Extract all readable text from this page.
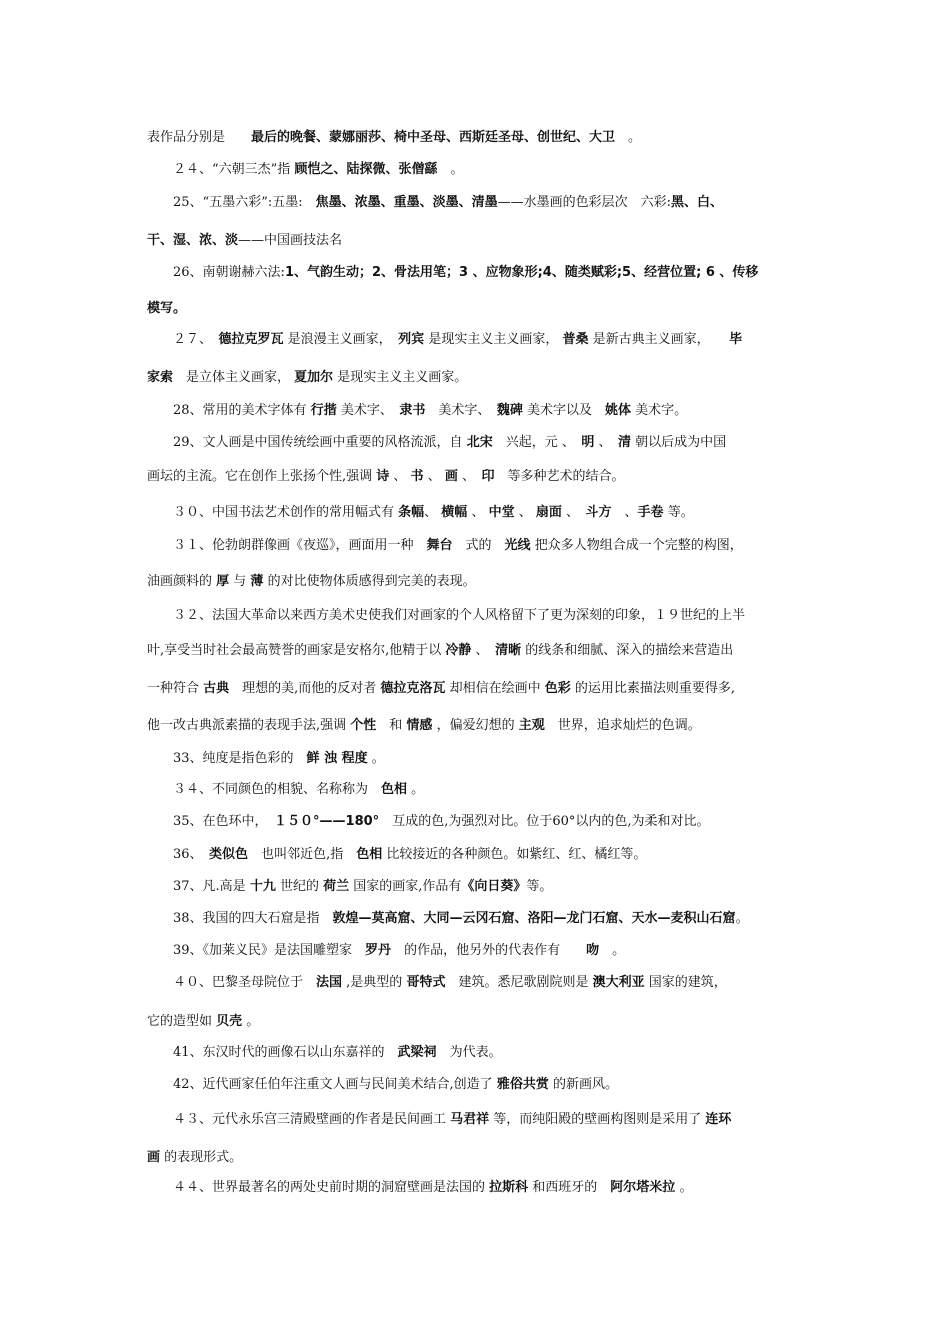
表作品分别是　　最后的晚餐、蒙娜丽莎、椅中圣母、西斯廷圣母、创世纪、大卫　。
２４、“六朝三杰”指 顾恺之、陆探微、张僧繇　。
25、“五墨六彩”:五墨:　焦墨、浓墨、重墨、淡墨、清墨——水墨画的色彩层次　六彩:黑、白、
干、湿、浓、淡——中国画技法名
26、南朝谢赫六法:1、气韵生动；2、骨法用笔；3 、应物象形;4、随类赋彩;5、经营位置; 6 、传移
模写。
２７、　德拉克罗瓦 是浪漫主义画家，　列宾 是现实主义主义画家， 普桑 是新古典主义画家，　　毕
家索　是立体主义画家， 夏加尔 是现实主义主义画家。
28、常用的美术字体有 行揩 美术字、　隶书　美术字、　魏碑 美术字以及　姚体 美术字。
29、文人画是中国传统绘画中重要的风格流派，自 北宋　兴起，元 、　明 、　清 朝以后成为中国
画坛的主流。它在创作上张扬个性,强调 诗 、 书 、 画 、　印　等多种艺术的结合。
３０、中国书法艺术创作的常用幅式有 条幅、 横幅 、 中堂 、 扇面 、　斗方　、手卷 等。
３１、伦勃朗群像画《夜巡》，画面用一种　舞台　式的　光线 把众多人物组合成一个完整的构图，
油画颜料的 厚 与 薄 的对比使物体质感得到完美的表现。
３２、法国大革命以来西方美术史使我们对画家的个人风格留下了更为深刻的印象，１９世纪的上半
叶,享受当时社会最高赞誉的画家是安格尔,他精于以 冷静 、　清晰 的线条和细腻、深入的描绘来营造出
一种符合 古典　理想的美,而他的反对者 德拉克洛瓦 却相信在绘画中 色彩 的运用比素描法则重要得多,
他一改古典派素描的表现手法,强调 个性　和 情感 ，偏爱幻想的 主观　世界，追求灿烂的色调。
33、纯度是指色彩的　鲜 浊 程度 。
３４、不同颜色的相貌、名称称为　色相 。
35、在色环中，　１５０°——180°　互成的色,为强烈对比。位于60°以内的色,为柔和对比。
36、　类似色　也叫邻近色,指　色相 比较接近的各种颜色。如紫红、红、橘红等。
37、凡.高是 十九 世纪的 荷兰 国家的画家,作品有《向日葵》等。
38、我国的四大石窟是指　敦煌—莫高窟、大同—云冈石窟、洛阳—龙门石窟、天水—麦积山石窟。
39、《加莱义民》是法国雕塑家　罗丹　的作品，他另外的代表作有　　吻　。
４０、巴黎圣母院位于　法国 ,是典型的 哥特式　建筑。悉尼歌剧院则是 澳大利亚 国家的建筑，
它的造型如 贝壳 。
41、东汉时代的画像石以山东嘉祥的　武梁祠　为代表。
42、近代画家任伯年注重文人画与民间美术结合,创造了 雅俗共赏 的新画风。
４３、元代永乐宫三清殿壁画的作者是民间画工 马君祥 等，而纯阳殿的壁画构图则是采用了 连环
画 的表现形式。
４４、世界最著名的两处史前时期的洞窟壁画是法国的 拉斯科 和西班牙的　阿尔塔米拉 。
